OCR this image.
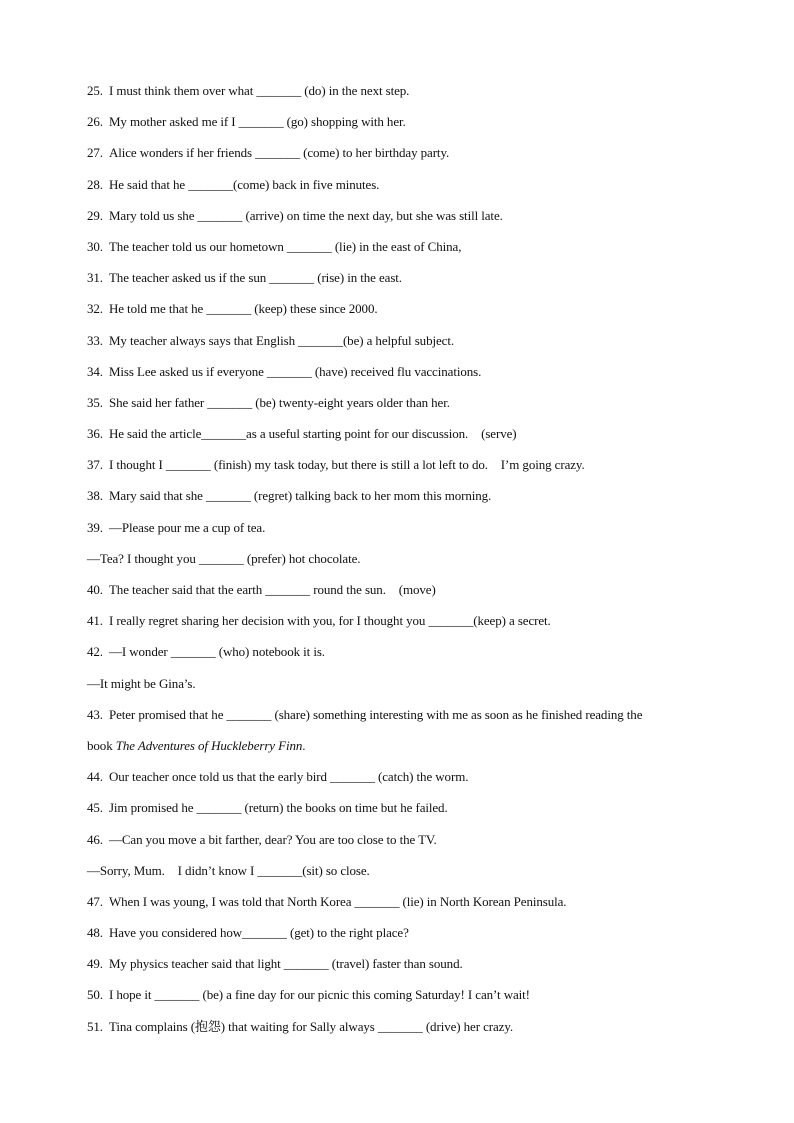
25. I must think them over what _______ (do) in the next step.
26. My mother asked me if I _______ (go) shopping with her.
27. Alice wonders if her friends _______ (come) to her birthday party.
28. He said that he _______(come) back in five minutes.
29. Mary told us she _______ (arrive) on time the next day, but she was still late.
30. The teacher told us our hometown _______ (lie) in the east of China,
31. The teacher asked us if the sun _______ (rise) in the east.
32. He told me that he _______ (keep) these since 2000.
33. My teacher always says that English _______(be) a helpful subject.
34. Miss Lee asked us if everyone _______ (have) received flu vaccinations.
35. She said her father _______ (be) twenty-eight years older than her.
36. He said the article_______as a useful starting point for our discussion.　(serve)
37. I thought I _______ (finish) my task today, but there is still a lot left to do.　I’m going crazy.
38. Mary said that she _______ (regret) talking back to her mom this morning.
39. —Please pour me a cup of tea.
—Tea? I thought you _______ (prefer) hot chocolate.
40. The teacher said that the earth _______ round the sun.　(move)
41. I really regret sharing her decision with you, for I thought you _______(keep) a secret.
42. —I wonder _______ (who) notebook it is.
—It might be Gina’s.
43. Peter promised that he _______ (share) something interesting with me as soon as he finished reading the
book The Adventures of Huckleberry Finn.
44. Our teacher once told us that the early bird _______ (catch) the worm.
45. Jim promised he _______ (return) the books on time but he failed.
46. —Can you move a bit farther, dear? You are too close to the TV.
—Sorry, Mum.　I didn’t know I _______(sit) so close.
47. When I was young, I was told that North Korea _______ (lie) in North Korean Peninsula.
48. Have you considered how_______ (get) to the right place?
49. My physics teacher said that light _______ (travel) faster than sound.
50. I hope it _______ (be) a fine day for our picnic this coming Saturday! I can’t wait!
51. Tina complains (抱怨) that waiting for Sally always _______ (drive) her crazy.
